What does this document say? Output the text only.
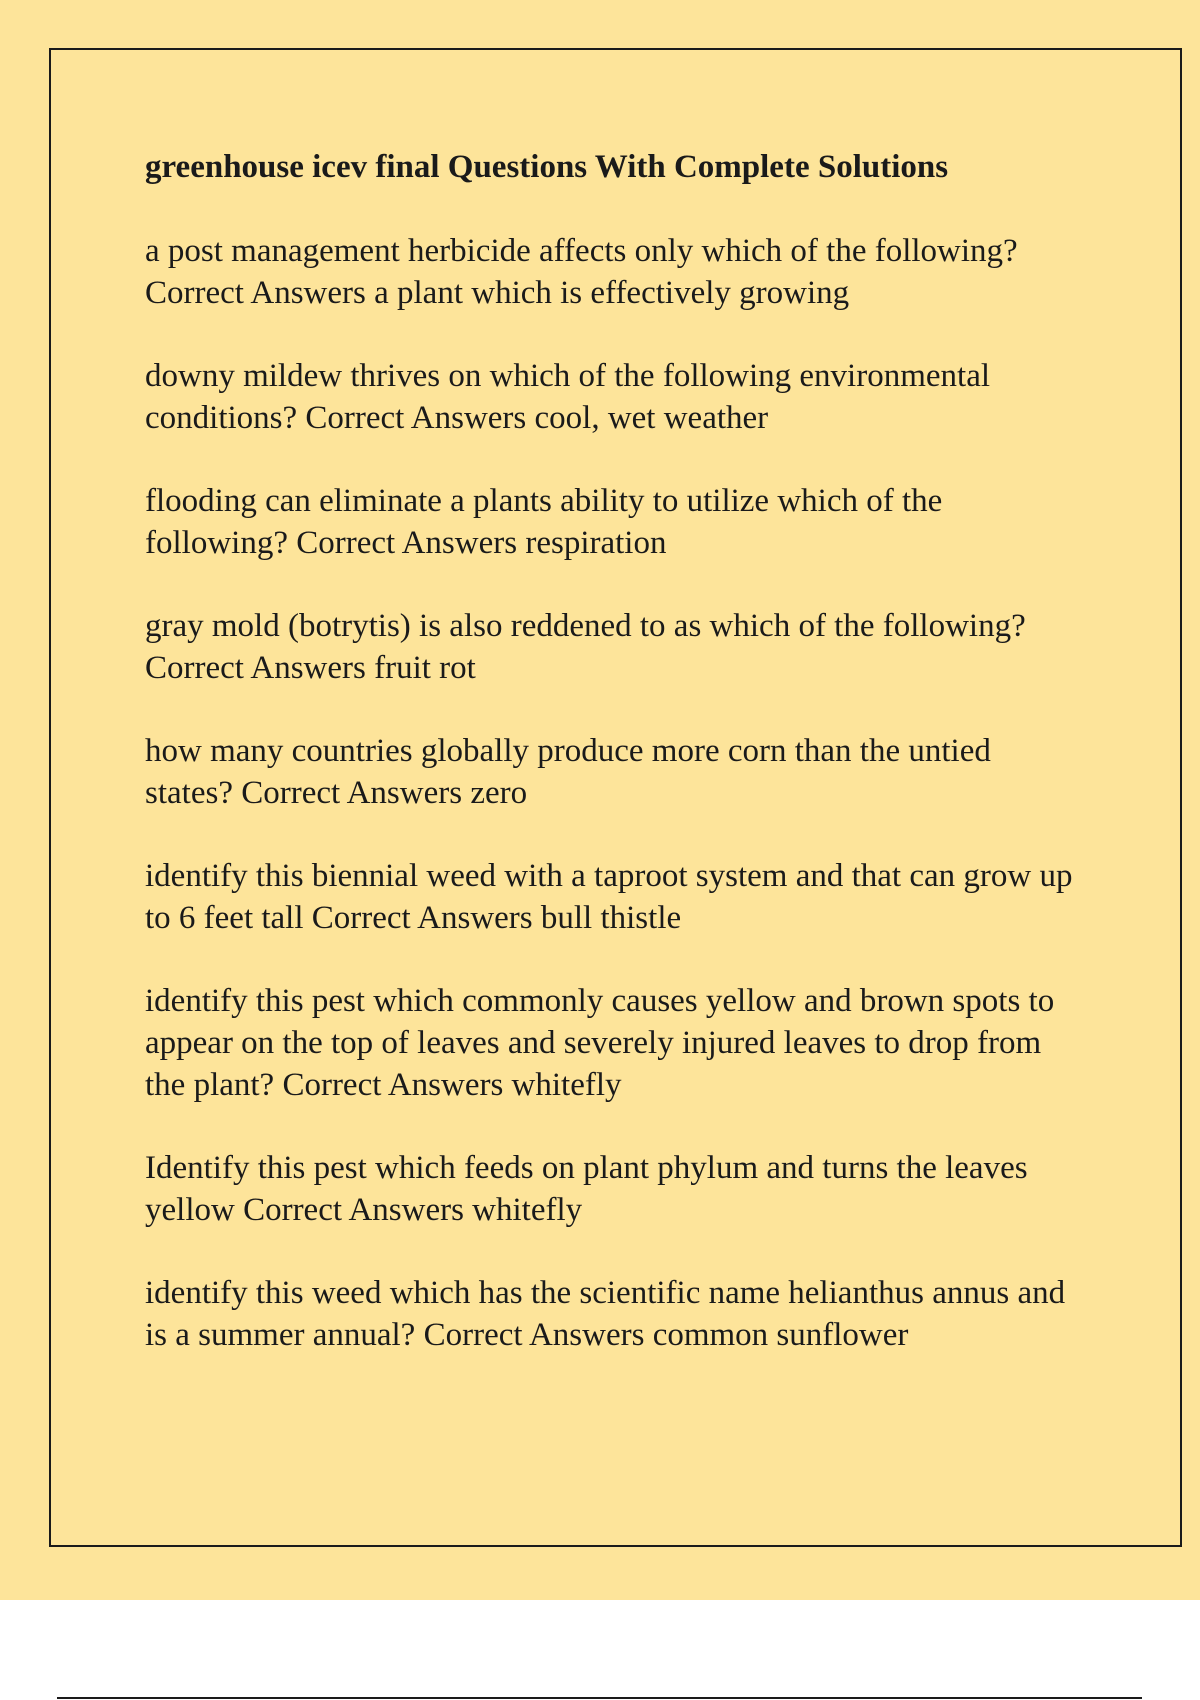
greenhouse icev final Questions With Complete Solutions

a post management herbicide affects only which of the following? Correct Answers a plant which is effectively growing

downy mildew thrives on which of the following environmental conditions? Correct Answers cool, wet weather

flooding can eliminate a plants ability to utilize which of the following? Correct Answers respiration

gray mold (botrytis) is also reddened to as which of the following? Correct Answers fruit rot

how many countries globally produce more corn than the untied states? Correct Answers zero

identify this biennial weed with a taproot system and that can grow up to 6 feet tall Correct Answers bull thistle

identify this pest which commonly causes yellow and brown spots to appear on the top of leaves and severely injured leaves to drop from the plant? Correct Answers whitefly

Identify this pest which feeds on plant phylum and turns the leaves yellow Correct Answers whitefly

identify this weed which has the scientific name helianthus annus and is a summer annual? Correct Answers common sunflower
